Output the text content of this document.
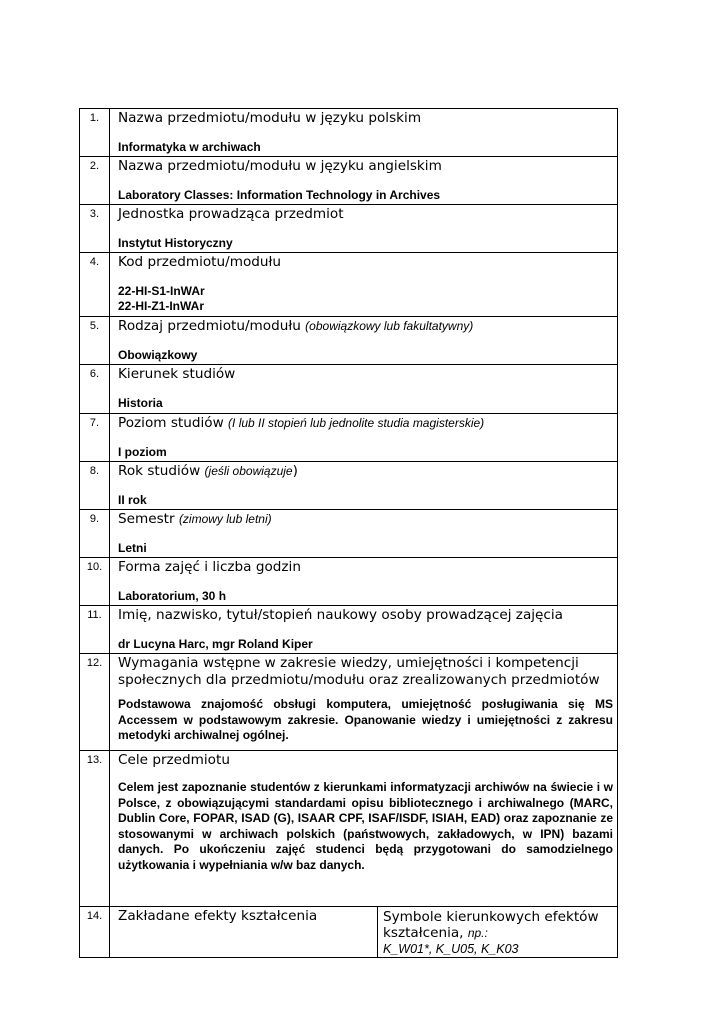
1.	Nazwa przedmiotu/modułu w języku polskim
Informatyka w archiwach	

2.	Nazwa przedmiotu/modułu w języku angielskim
Laboratory Classes: Information Technology in Archives	

3.	Jednostka prowadząca przedmiot
Instytut Historyczny	

4.	Kod przedmiotu/modułu
22-HI-S1-InWAr
22-HI-Z1-InWAr	

5.	Rodzaj przedmiotu/modułu (obowiązkowy lub fakultatywny)
Obowiązkowy	

6.	Kierunek studiów
Historia	

7.	Poziom studiów (I lub II stopień lub jednolite studia magisterskie)
I poziom	

8.	Rok studiów (jeśli obowiązuje)
II rok	

9.	Semestr (zimowy lub letni)
Letni	

10.	Forma zajęć i liczba godzin
Laboratorium, 30 h	

11.	Imię, nazwisko, tytuł/stopień naukowy osoby prowadzącej zajęcia
dr Lucyna Harc, mgr Roland Kiper	

12.	Wymagania wstępne w zakresie wiedzy, umiejętności i kompetencji społecznych dla przedmiotu/modułu oraz zrealizowanych przedmiotów
Podstawowa znajomość obsługi komputera, umiejętność posługiwania się MS Accessem w podstawowym zakresie. Opanowanie wiedzy i umiejętności z zakresu metodyki archiwalnej ogólnej.	

13.	Cele przedmiotu
Celem jest zapoznanie studentów z kierunkami informatyzacji archiwów na świecie i w Polsce, z obowiązującymi standardami opisu bibliotecznego i archiwalnego (MARC, Dublin Core, FOPAR, ISAD (G), ISAAR CPF, ISAF/ISDF, ISIAH, EAD) oraz zapoznanie ze stosowanymi w archiwach polskich (państwowych, zakładowych, w IPN) bazami danych. Po ukończeniu zajęć studenci będą przygotowani do samodzielnego użytkowania i wypełniania w/w baz danych.	

14.	Zakładane efekty kształcenia	Symbole kierunkowych efektów kształcenia, np.:
K_W01*, K_U05, K_K03
